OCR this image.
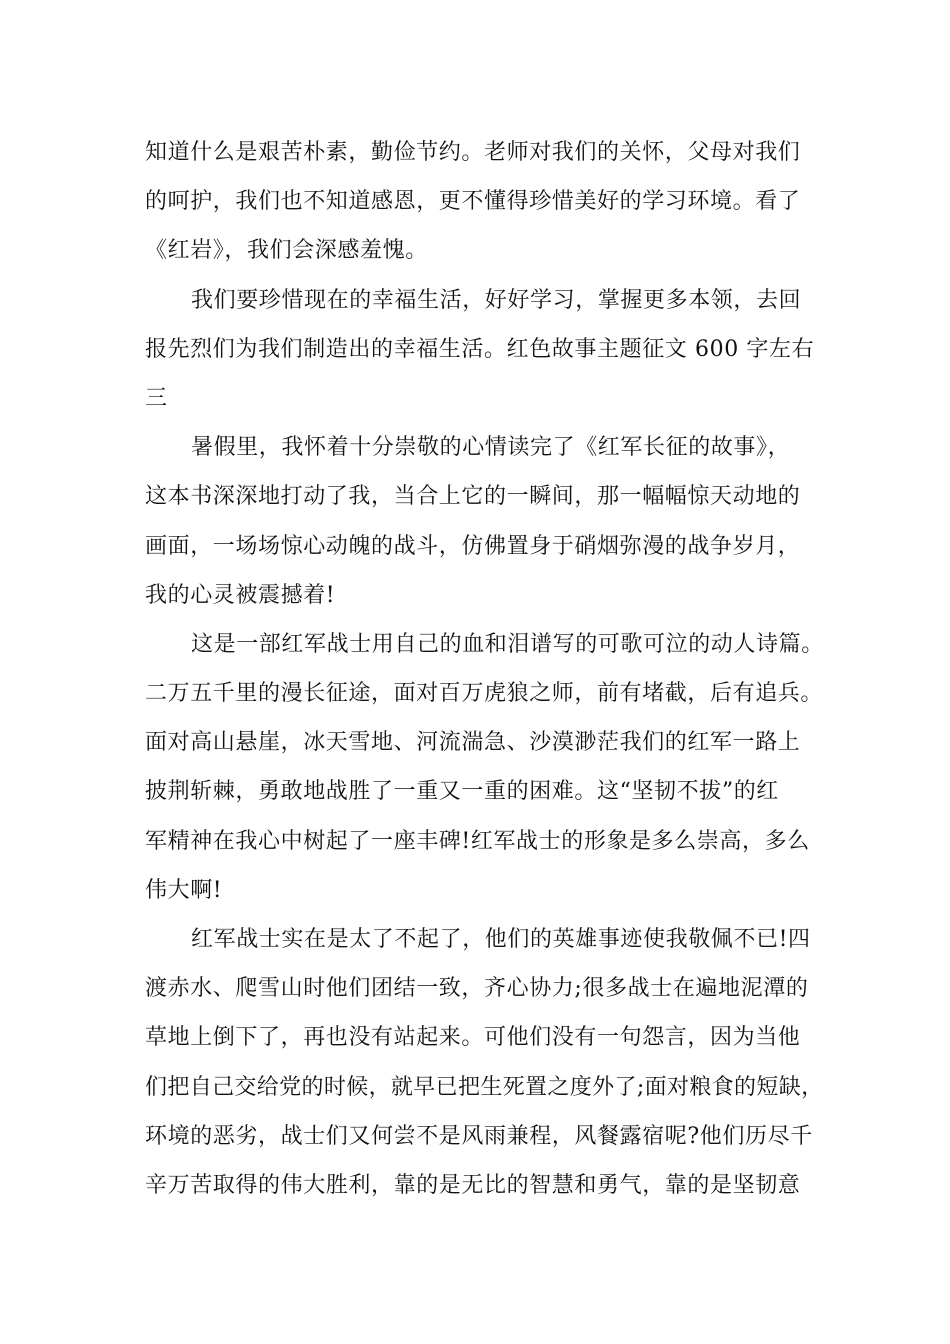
知道什么是艰苦朴素，勤俭节约。老师对我们的关怀，父母对我们
的呵护，我们也不知道感恩，更不懂得珍惜美好的学习环境。看了
《红岩》，我们会深感羞愧。
我们要珍惜现在的幸福生活，好好学习，掌握更多本领，去回
报先烈们为我们制造出的幸福生活。红色故事主题征文 600 字左右
三
暑假里，我怀着十分崇敬的心情读完了《红军长征的故事》，
这本书深深地打动了我，当合上它的一瞬间，那一幅幅惊天动地的
画面，一场场惊心动魄的战斗，仿佛置身于硝烟弥漫的战争岁月，
我的心灵被震撼着!
这是一部红军战士用自己的血和泪谱写的可歌可泣的动人诗篇。
二万五千里的漫长征途，面对百万虎狼之师，前有堵截，后有追兵。
面对高山悬崖，冰天雪地、河流湍急、沙漠渺茫我们的红军一路上
披荆斩棘，勇敢地战胜了一重又一重的困难。这“坚韧不拔”的红
军精神在我心中树起了一座丰碑!红军战士的形象是多么崇高，多么
伟大啊!
红军战士实在是太了不起了，他们的英雄事迹使我敬佩不已!四
渡赤水、爬雪山时他们团结一致，齐心协力;很多战士在遍地泥潭的
草地上倒下了，再也没有站起来。可他们没有一句怨言，因为当他
们把自己交给党的时候，就早已把生死置之度外了;面对粮食的短缺，
环境的恶劣，战士们又何尝不是风雨兼程，风餐露宿呢?他们历尽千
辛万苦取得的伟大胜利，靠的是无比的智慧和勇气，靠的是坚韧意
